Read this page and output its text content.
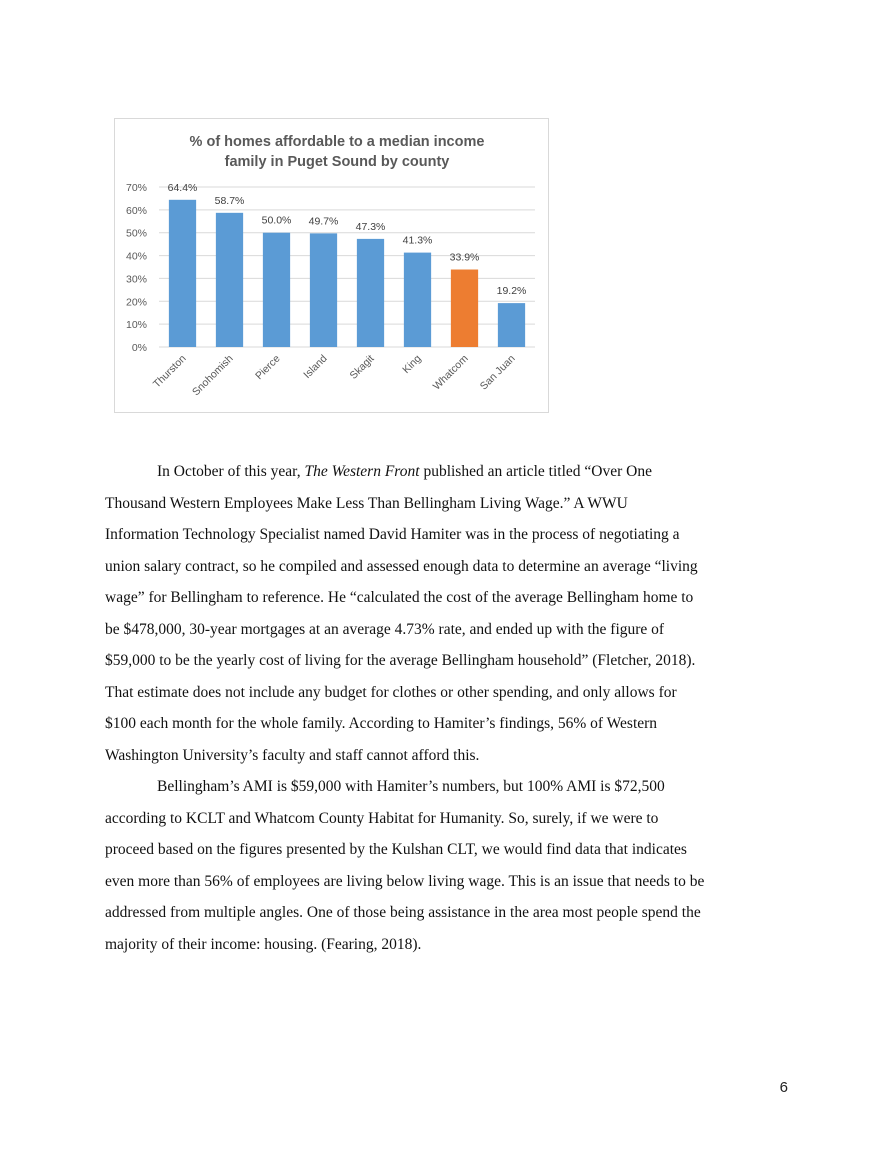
% of homes affordable to a median income
family in Puget Sound by county
0%
10%
20%
30%
40%
50%
60%
70% 64.4%
Thurston
58.7%
Snohomish
50.0%
Pierce
49.7%
Island
47.3%
Skagit
41.3%
King
33.9%
Whatcom
19.2%
San Juan
In October of this year, The Western Front published an article titled “Over One
Thousand Western Employees Make Less Than Bellingham Living Wage.” A WWU
Information Technology Specialist named David Hamiter was in the process of negotiating a
union salary contract, so he compiled and assessed enough data to determine an average “living
wage” for Bellingham to reference. He “calculated the cost of the average Bellingham home to
be $478,000, 30-year mortgages at an average 4.73% rate, and ended up with the figure of
$59,000 to be the yearly cost of living for the average Bellingham household” (Fletcher, 2018).
That estimate does not include any budget for clothes or other spending, and only allows for
$100 each month for the whole family. According to Hamiter’s findings, 56% of Western
Washington University’s faculty and staff cannot afford this.
Bellingham’s AMI is $59,000 with Hamiter’s numbers, but 100% AMI is $72,500
according to KCLT and Whatcom County Habitat for Humanity. So, surely, if we were to
proceed based on the figures presented by the Kulshan CLT, we would find data that indicates
even more than 56% of employees are living below living wage. This is an issue that needs to be
addressed from multiple angles. One of those being assistance in the area most people spend the
majority of their income: housing. (Fearing, 2018).
6
